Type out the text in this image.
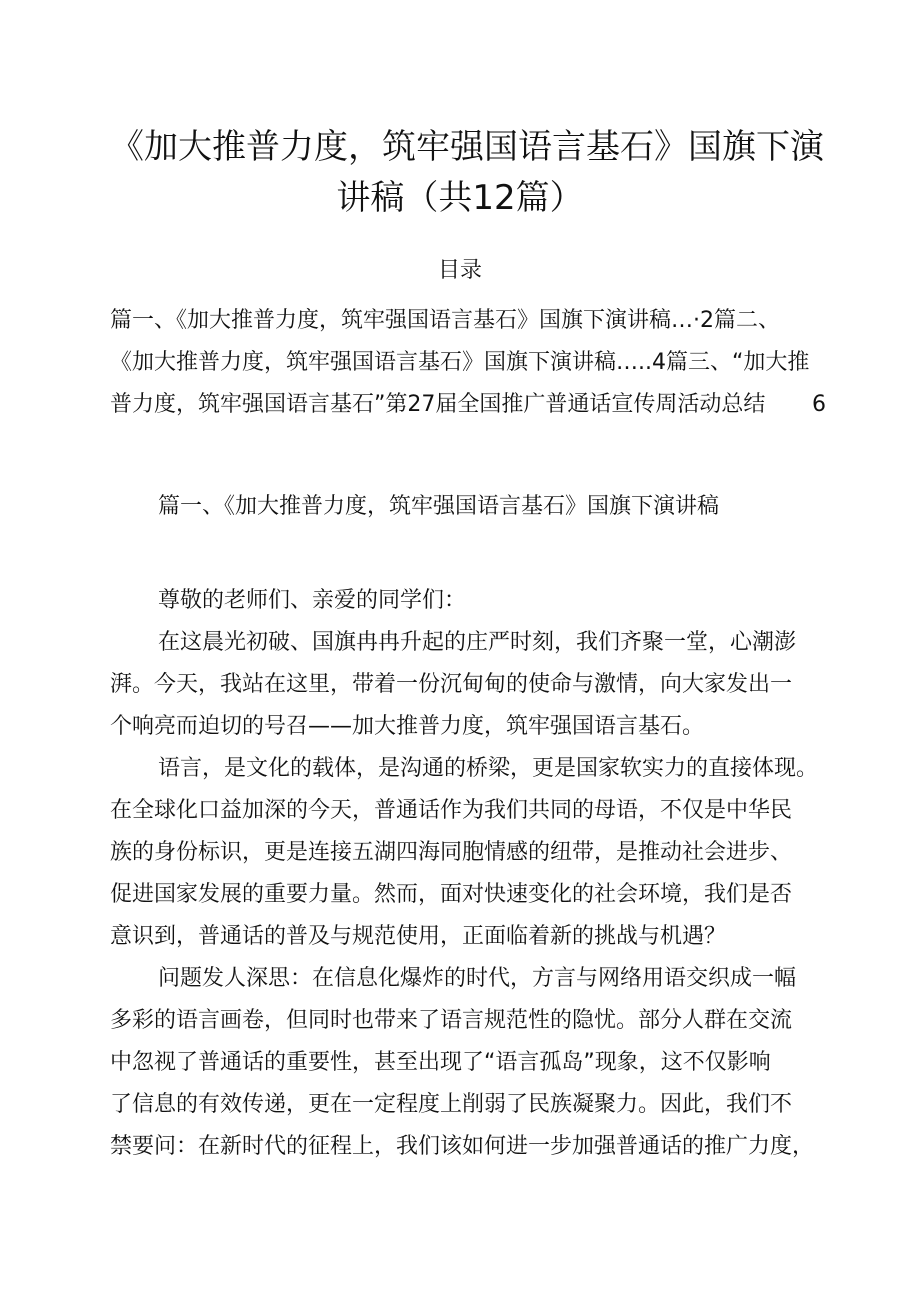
《加大推普力度，筑牢强国语言基石》国旗下演
讲稿（共12篇）
目录
篇一、《加大推普力度，筑牢强国语言基石》国旗下演讲稿…·2篇二、
《加大推普力度，筑牢强国语言基石》国旗下演讲稿…..4篇三、“加大推
普力度，筑牢强国语言基石”第27届全国推广普通话宣传周活动总结 6
篇一、《加大推普力度，筑牢强国语言基石》国旗下演讲稿
尊敬的老师们、亲爱的同学们：
在这晨光初破、国旗冉冉升起的庄严时刻，我们齐聚一堂，心潮澎
湃。今天，我站在这里，带着一份沉甸甸的使命与激情，向大家发出一
个响亮而迫切的号召——加大推普力度，筑牢强国语言基石。
语言，是文化的载体，是沟通的桥梁，更是国家软实力的直接体现。
在全球化口益加深的今天，普通话作为我们共同的母语，不仅是中华民
族的身份标识，更是连接五湖四海同胞情感的纽带，是推动社会进步、
促进国家发展的重要力量。然而，面对快速变化的社会环境，我们是否
意识到，普通话的普及与规范使用，正面临着新的挑战与机遇？
问题发人深思：在信息化爆炸的时代，方言与网络用语交织成一幅
多彩的语言画卷，但同时也带来了语言规范性的隐忧。部分人群在交流
中忽视了普通话的重要性，甚至出现了“语言孤岛”现象，这不仅影响
了信息的有效传递，更在一定程度上削弱了民族凝聚力。因此，我们不
禁要问：在新时代的征程上，我们该如何进一步加强普通话的推广力度，
